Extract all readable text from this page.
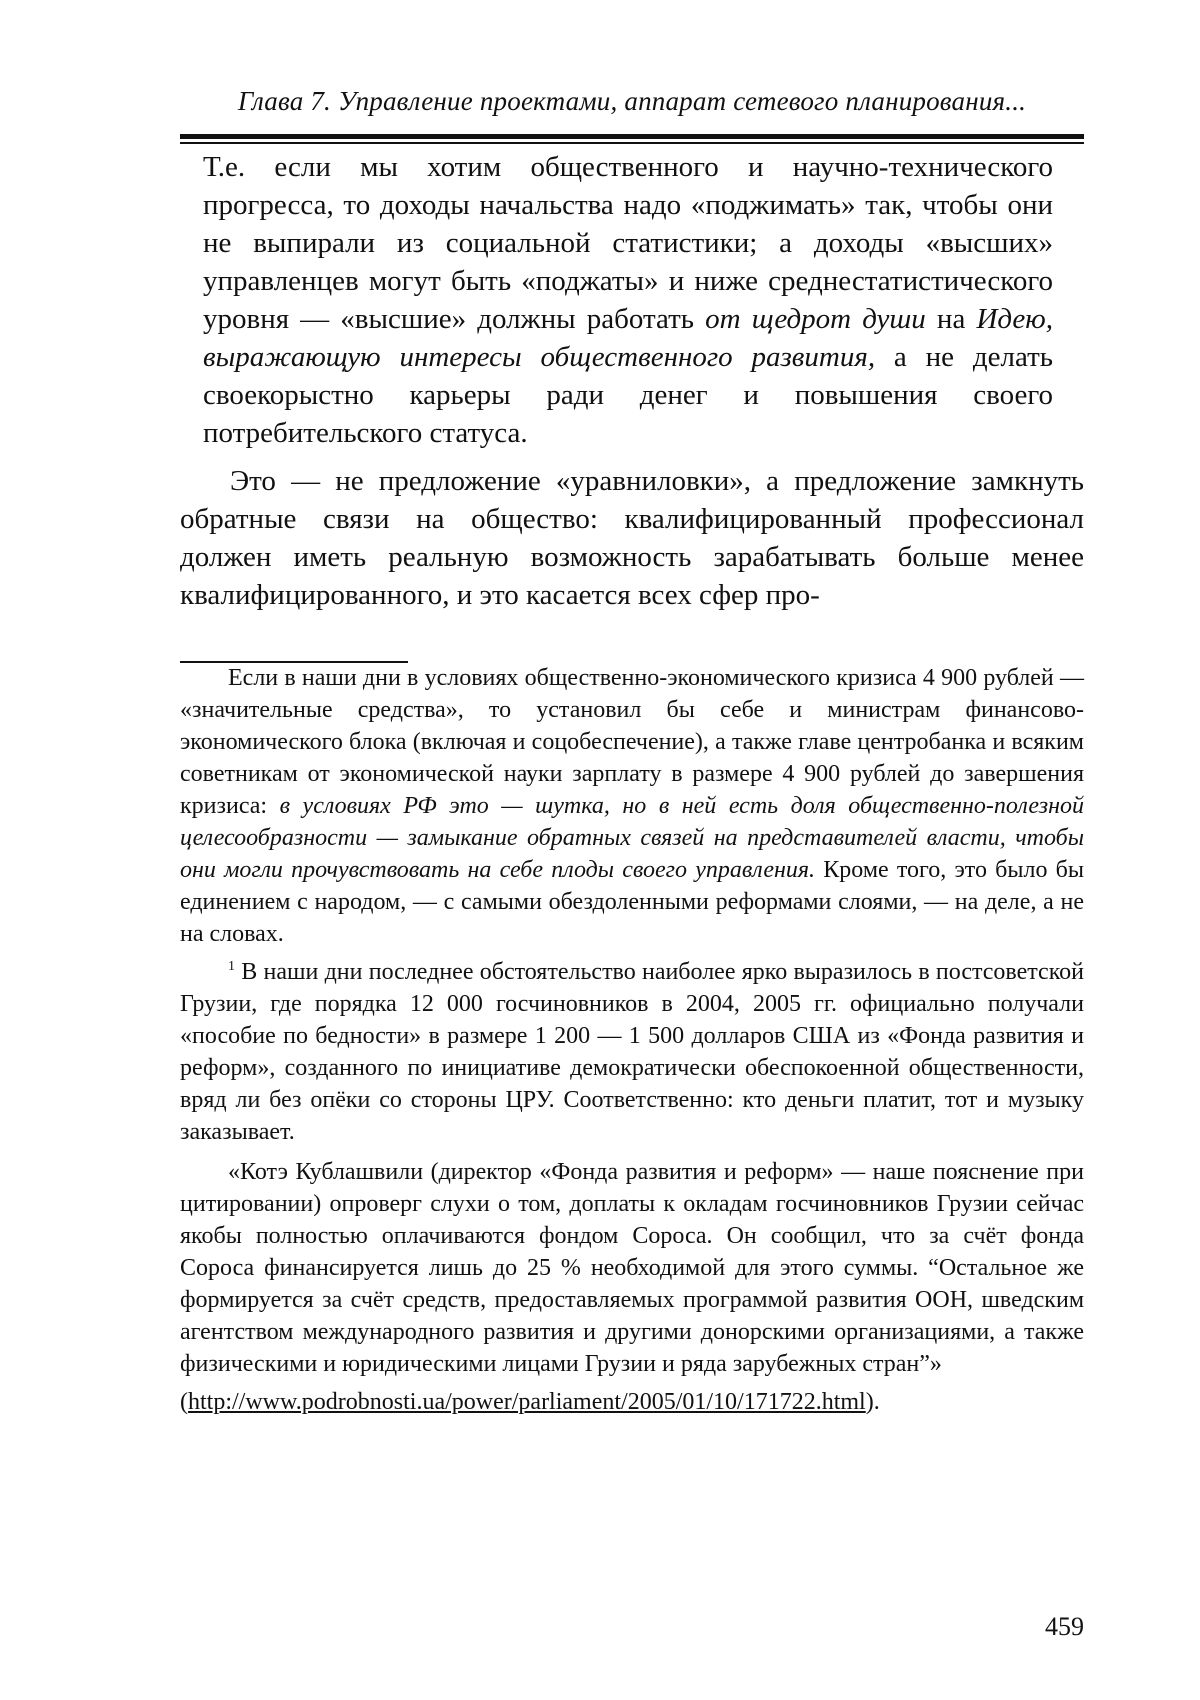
Глава 7. Управление проектами, аппарат сетевого планирования...
Т.е. если мы хотим общественного и научно-технического прогресса, то доходы начальства надо «поджимать» так, чтобы они не выпирали из социальной статистики; а доходы «высших» управленцев могут быть «поджаты» и ниже среднестатистического уровня — «высшие» должны работать от щедрот души на Идею, выражающую интересы общественного развития, а не делать своекорыстно карьеры ради денег и повышения своего потребительского статуса.
Это — не предложение «уравниловки», а предложение замкнуть обратные связи на общество: квалифицированный профессионал должен иметь реальную возможность зарабатывать больше менее квалифицированного, и это касается всех сфер про-

Если в наши дни в условиях общественно-экономического кризиса 4 900 рублей — «значительные средства», то установил бы себе и министрам финансово-экономического блока (включая и соцобеспечение), а также главе центробанка и всяким советникам от экономической науки зарплату в размере 4 900 рублей до завершения кризиса: в условиях РФ это — шутка, но в ней есть доля общественно-полезной целесообразности — замыкание обратных связей на представителей власти, чтобы они могли прочувствовать на себе плоды своего управления. Кроме того, это было бы единением с народом, — с самыми обездоленными реформами слоями, — на деле, а не на словах.

$^1$ В наши дни последнее обстоятельство наиболее ярко выразилось в постсоветской Грузии, где порядка 12 000 госчиновников в 2004, 2005 гг. официально получали «пособие по бедности» в размере 1 200 — 1 500 долларов США из «Фонда развития и реформ», созданного по инициативе демократически обеспокоенной общественности, вряд ли без опёки со стороны ЦРУ. Соответственно: кто деньги платит, тот и музыку заказывает.

«Котэ Кублашвили (директор «Фонда развития и реформ» — наше пояснение при цитировании) опроверг слухи о том, доплаты к окладам госчиновников Грузии сейчас якобы полностью оплачиваются фондом Сороса. Он сообщил, что за счёт фонда Сороса финансируется лишь до 25 % необходимой для этого суммы. “Остальное же формируется за счёт средств, предоставляемых программой развития ООН, шведским агентством международного развития и другими донорскими организациями, а также физическими и юридическими лицами Грузии и ряда зарубежных стран”»

(http://www.podrobnosti.ua/power/parliament/2005/01/10/171722.html).

459
